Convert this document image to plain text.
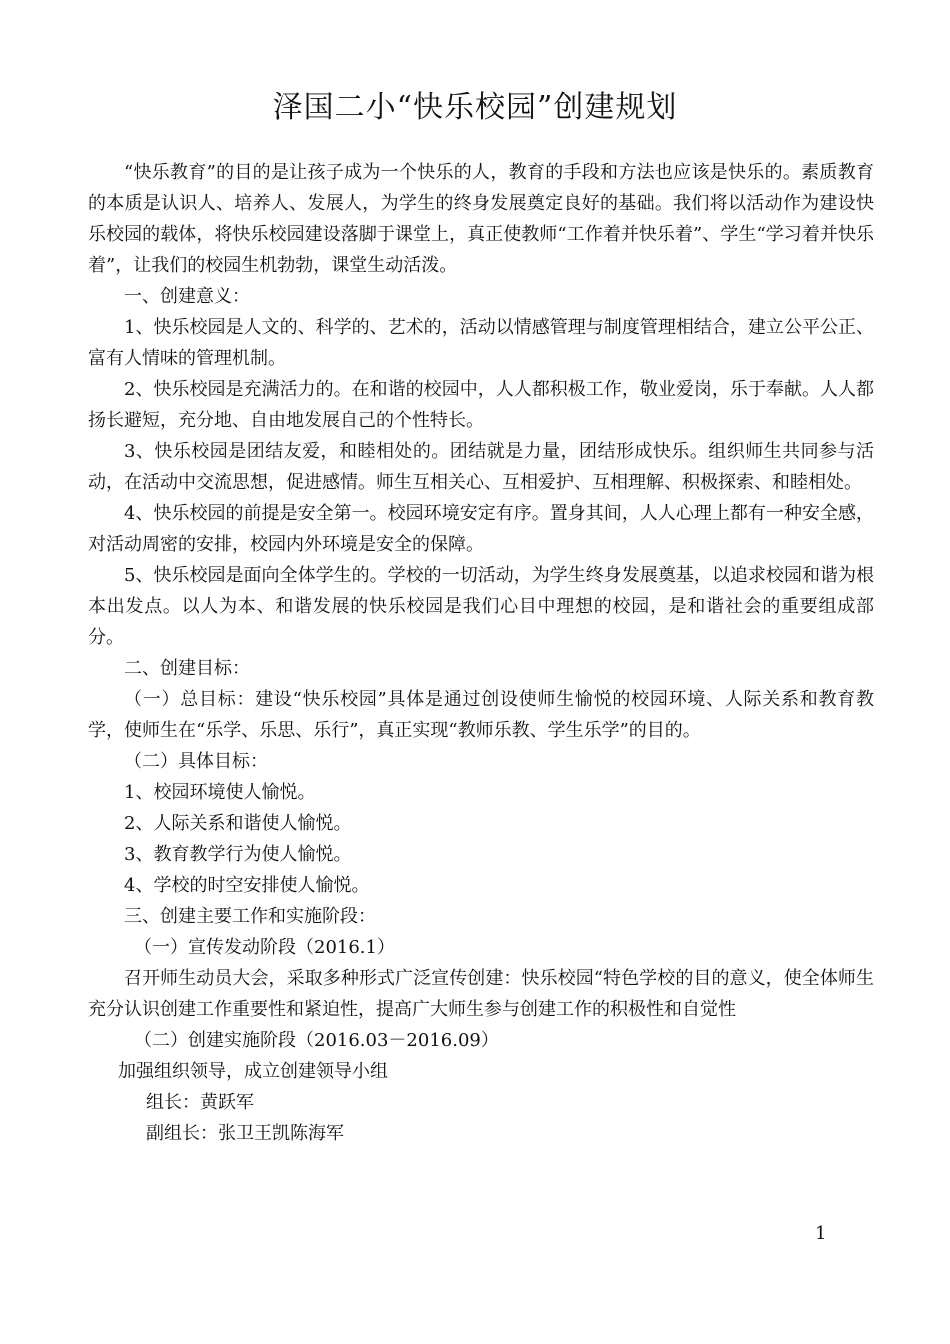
泽国二小“快乐校园”创建规划

“快乐教育”的目的是让孩子成为一个快乐的人，教育的手段和方法也应该是快乐的。素质教育的本质是认识人、培养人、发展人，为学生的终身发展奠定良好的基础。我们将以活动作为建设快乐校园的载体，将快乐校园建设落脚于课堂上，真正使教师“工作着并快乐着”、学生“学习着并快乐着”，让我们的校园生机勃勃，课堂生动活泼。

一、创建意义：

1、快乐校园是人文的、科学的、艺术的，活动以情感管理与制度管理相结合，建立公平公正、富有人情味的管理机制。

2、快乐校园是充满活力的。在和谐的校园中，人人都积极工作，敬业爱岗，乐于奉献。人人都扬长避短，充分地、自由地发展自己的个性特长。

3、快乐校园是团结友爱，和睦相处的。团结就是力量，团结形成快乐。组织师生共同参与活动，在活动中交流思想，促进感情。师生互相关心、互相爱护、互相理解、积极探索、和睦相处。

4、快乐校园的前提是安全第一。校园环境安定有序。置身其间，人人心理上都有一种安全感，对活动周密的安排，校园内外环境是安全的保障。

5、快乐校园是面向全体学生的。学校的一切活动，为学生终身发展奠基，以追求校园和谐为根本出发点。以人为本、和谐发展的快乐校园是我们心目中理想的校园，是和谐社会的重要组成部分。

二、创建目标：

（一）总目标：建设“快乐校园”具体是通过创设使师生愉悦的校园环境、人际关系和教育教学，使师生在“乐学、乐思、乐行”，真正实现“教师乐教、学生乐学”的目的。

（二）具体目标：

1、校园环境使人愉悦。

2、人际关系和谐使人愉悦。

3、教育教学行为使人愉悦。

4、学校的时空安排使人愉悦。

三、创建主要工作和实施阶段：

（一）宣传发动阶段（2016.1）

召开师生动员大会，采取多种形式广泛宣传创建：快乐校园“特色学校的目的意义，使全体师生充分认识创建工作重要性和紧迫性，提高广大师生参与创建工作的积极性和自觉性

（二）创建实施阶段（2016.03－2016.09）

加强组织领导，成立创建领导小组

组长：黄跃军

副组长：张卫王凯陈海军

1
